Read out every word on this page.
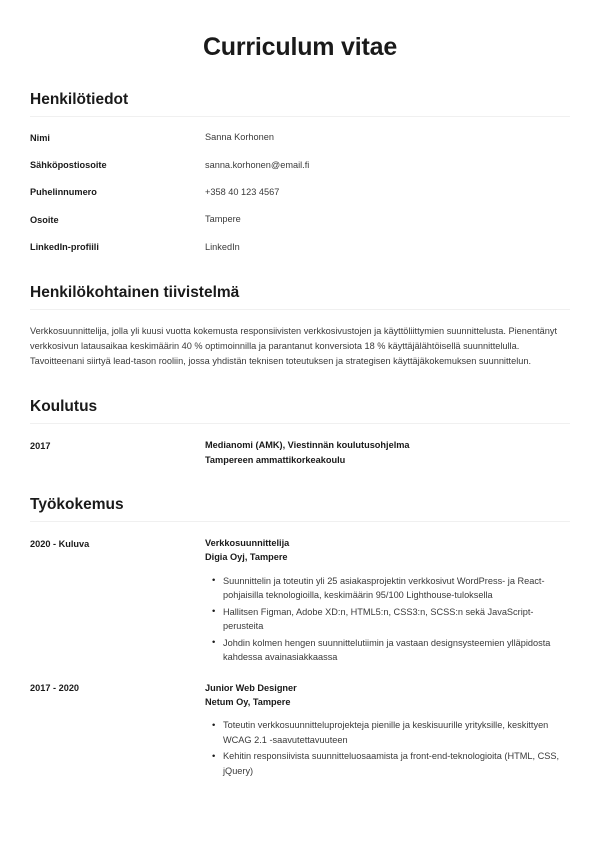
Curriculum vitae
Henkilötiedot
Nimi	Sanna Korhonen
Sähköpostiosoite	sanna.korhonen@email.fi
Puhelinnumero	+358 40 123 4567
Osoite	Tampere
LinkedIn-profiili	LinkedIn
Henkilökohtainen tiivistelmä

Verkkosuunnittelija, jolla yli kuusi vuotta kokemusta responsiivisten verkkosivustojen ja käyttöliittymien suunnittelusta. Pienentänyt verkkosivun latausaikaa keskimäärin 40 % optimoinnilla ja parantanut konversiota 18 % käyttäjälähtöisellä suunnittelulla. Tavoitteenani siirtyä lead-tason rooliin, jossa yhdistän teknisen toteutuksen ja strategisen käyttäjäkokemuksen suunnittelun.

Koulutus
2017	Medianomi (AMK), Viestinnän koulutusohjelma
Tampereen ammattikorkeakoulu
Työkokemus
2020 - Kuluva	Verkkosuunnittelija
Digia Oyj, Tampere
• Suunnittelin ja toteutin yli 25 asiakasprojektin verkkosivut WordPress- ja React-pohjaisilla teknologioilla, keskimäärin 95/100 Lighthouse-tuloksella
• Hallitsen Figman, Adobe XD:n, HTML5:n, CSS3:n, SCSS:n sekä JavaScript-perusteita
• Johdin kolmen hengen suunnittelutiimin ja vastaan designsysteemien ylläpidosta kahdessa avainasiakkaassa
2017 - 2020	Junior Web Designer
Netum Oy, Tampere
• Toteutin verkkosuunnitteluprojekteja pienille ja keskisuurille yrityksille, keskittyen WCAG 2.1 -saavutettavuuteen
• Kehitin responsiivista suunnitteluosaamista ja front-end-teknologioita (HTML, CSS, jQuery)
